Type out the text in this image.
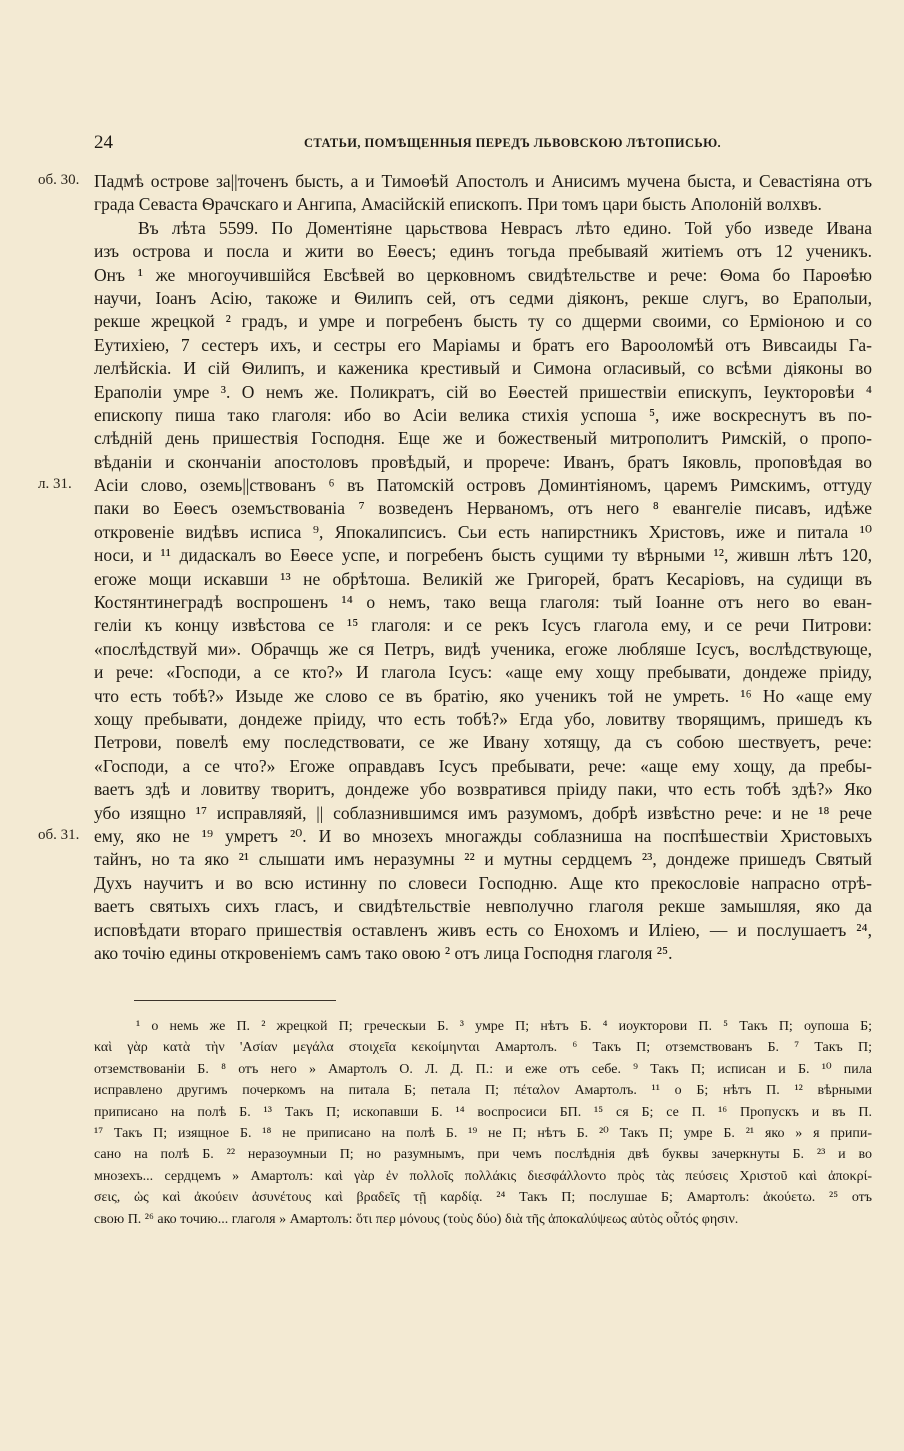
24	СТАТЬИ, ПОМѢЩЕННЫЯ ПЕРЕДЪ ЛЬВОВСКОЮ ЛѢТОПИСЬЮ.
об. 30.
л. 31.
об. 31.
Падмѣ острове за||точенъ бысть, а и Тимоѳѣй Апостолъ и Анисимъ мучена быста, и Севастіяна отъ
града Севаста Ѳрачскаго и Ангипа, Амасійскій епископъ. При томъ цари бысть Аполоній волхвъ.
Въ лѣта 5599. По Доментіяне царьствова Неврасъ лѣто едино. Той убо изведе Ивана
изъ острова и посла и жити во Еѳесъ; единъ тогьда пребываяй житіемъ отъ 12 ученикъ.
Онъ ¹ же многоучившійся Евсѣвей во церковномъ свидѣтельстве и рече: Ѳома бо Пароѳѣю
научи, Іоанъ Асію, такоже и Ѳилипъ сей, отъ седми діяконъ, рекше слугъ, во Ераполыи,
рекше жрецкой ² градъ, и умре и погребенъ бысть ту со дщерми своими, со Ерміонoю и со
Еутихіею, 7 сестеръ ихъ, и сестры его Маріамы и братъ его Вароoломѣй отъ Вивсаиды Га-
лелѣйскіа. И сій Ѳилипъ, и каженика крестивый и Симона огласивый, со всѣми діяконы во
Ераполіи умре ³. О немъ же. Поликратъ, сій во Еѳестей пришествіи епискупъ, Іеукторовѣи ⁴
епископу пиша тако глаголя: ибо во Асіи велика стихія успоша ⁵, иже воскреснутъ въ по-
слѣдній день пришествія Господня. Еще же и божественый митрополитъ Римскій, о пропо-
вѣданіи и скончаніи апостоловъ провѣдый, и прорече: Иванъ, братъ Іяковль, проповѣдая во
Асіи слово, оземь||ствованъ ⁶ въ Патомскій островъ Доминтіяномъ, царемъ Римскимъ, оттуду
паки во Еѳесъ оземъствованіа ⁷ возведенъ Нерваномъ, отъ него ⁸ евангеліе писавъ, идѣже
откровеніе видѣвъ исписа ⁹, Япокалипсисъ. Сьи есть напирстникъ Христовъ, иже и питала ¹⁰
носи, и ¹¹ дидаскалъ во Еѳесе успе, и погребенъ бысть сущими ту вѣрными ¹², жившн лѣтъ 120,
егоже мощи искавши ¹³ не обрѣтоша. Великій же Григорей, братъ Кесаріовъ, на судищи въ
Костянтинеградѣ воспрошенъ ¹⁴ о немъ, тако веща глаголя: тый Іоанне отъ него во еван-
геліи къ концу извѣстова се ¹⁵ глаголя: и се рекъ Ісусъ глагола ему, и се речи Питрови:
«послѣдствуй ми». Обрачщь же ся Петръ, видѣ ученика, егоже любляше Ісусъ, вослѣдствующе,
и рече: «Господи, а се кто?» И глагола Ісусъ: «аще ему хощу пребывати, дондеже пріиду,
что есть тобѣ?» Изыде же слово се въ братію, яко ученикъ той не умреть. ¹⁶ Но «аще ему
хощу пребывати, дондеже пріиду, что есть тобѣ?» Егда убо, ловитву творящимъ, пришедъ къ
Петрови, повелѣ ему последствовати, се же Ивану хотящу, да съ собою шествуетъ, рече:
«Господи, а се что?» Егоже оправдавъ Ісусъ пребывати, рече: «аще ему хощу, да пребы-
ваетъ здѣ и ловитву творитъ, дондеже убо возвратився пріиду паки, что есть тобѣ здѣ?» Яко
убо изящно ¹⁷ исправляяй, || соблазнившимся имъ разумомъ, добрѣ извѣстно рече: и не ¹⁸ рече
ему, яко не ¹⁹ умретъ ²⁰. И во мнозехъ многажды соблазниша на поспѣшествіи Христовыхъ
тайнъ, но та яко ²¹ слышати имъ неразумны ²² и мутны сердцемъ ²³, дондеже пришедъ Святый
Духъ научитъ и во всю истинну по словеси Господню. Аще кто прекословіе напрасно отрѣ-
ваетъ святыхъ сихъ гласъ, и свидѣтельствіе невполучно глаголя рекше замышляя, яко да
исповѣдати втораго пришествія оставленъ живъ есть со Енохомъ и Иліею, — и послушаетъ ²⁴,
ако точію едины откровеніемъ самъ тако овою ² отъ лица Господня глаголя ²⁵.
¹ о немь же П. ² жрецкой П; греческыи Б. ³ умре П; нѣтъ Б. ⁴ иоукторови П. ⁵ Такъ П; оупоша Б;
καὶ γὰρ κατὰ τὴν 'Ασίαν μεγάλα στοιχεῖα κεκοίμηνται Амартолъ. ⁶ Такъ П; отземствованъ Б. ⁷ Такъ П;
отземствованіи Б. ⁸ отъ него » Амартолъ О. Л. Д. П.: и еже отъ себе. ⁹ Такъ П; исписан и Б. ¹⁰ пила
исправлено другимъ почеркомъ на питала Б; петала П; πέταλον Амартолъ. ¹¹ о Б; нѣтъ П. ¹² вѣрными
приписано на полѣ Б. ¹³ Такъ П; ископавши Б. ¹⁴ воспросиси БП. ¹⁵ ся Б; се П. ¹⁶ Пропускъ и въ П.
¹⁷ Такъ П; изящное Б. ¹⁸ не приписано на полѣ Б. ¹⁹ не П; нѣтъ Б. ²⁰ Такъ П; умре Б. ²¹ яко » я припи-
сано на полѣ Б. ²² неразоумныи П; но разумнымъ, при чемъ послѣднія двѣ буквы зачеркнуты Б. ²³ и во
мнозехъ... сердцемъ » Амартолъ: καὶ γὰρ ἐν πολλοῖς πολλάκις διεσφάλλοντο πρὸς τὰς πεύσεις Χριστοῦ καὶ ἀποκρί-
σεις, ὡς καὶ ἀκούειν ἀσυνέτους καὶ βραδεῖς τῇ καρδίᾳ. ²⁴ Такъ П; послушае Б; Амартолъ: ἀκούετω. ²⁵ отъ
свою П. ²⁶ ако точию... глаголя » Амартолъ: ὅτι περ μόνους (τοὺς δύο) διὰ τῆς ἀποκαλύψεως αὐτὸς οὗτός φησιν.
